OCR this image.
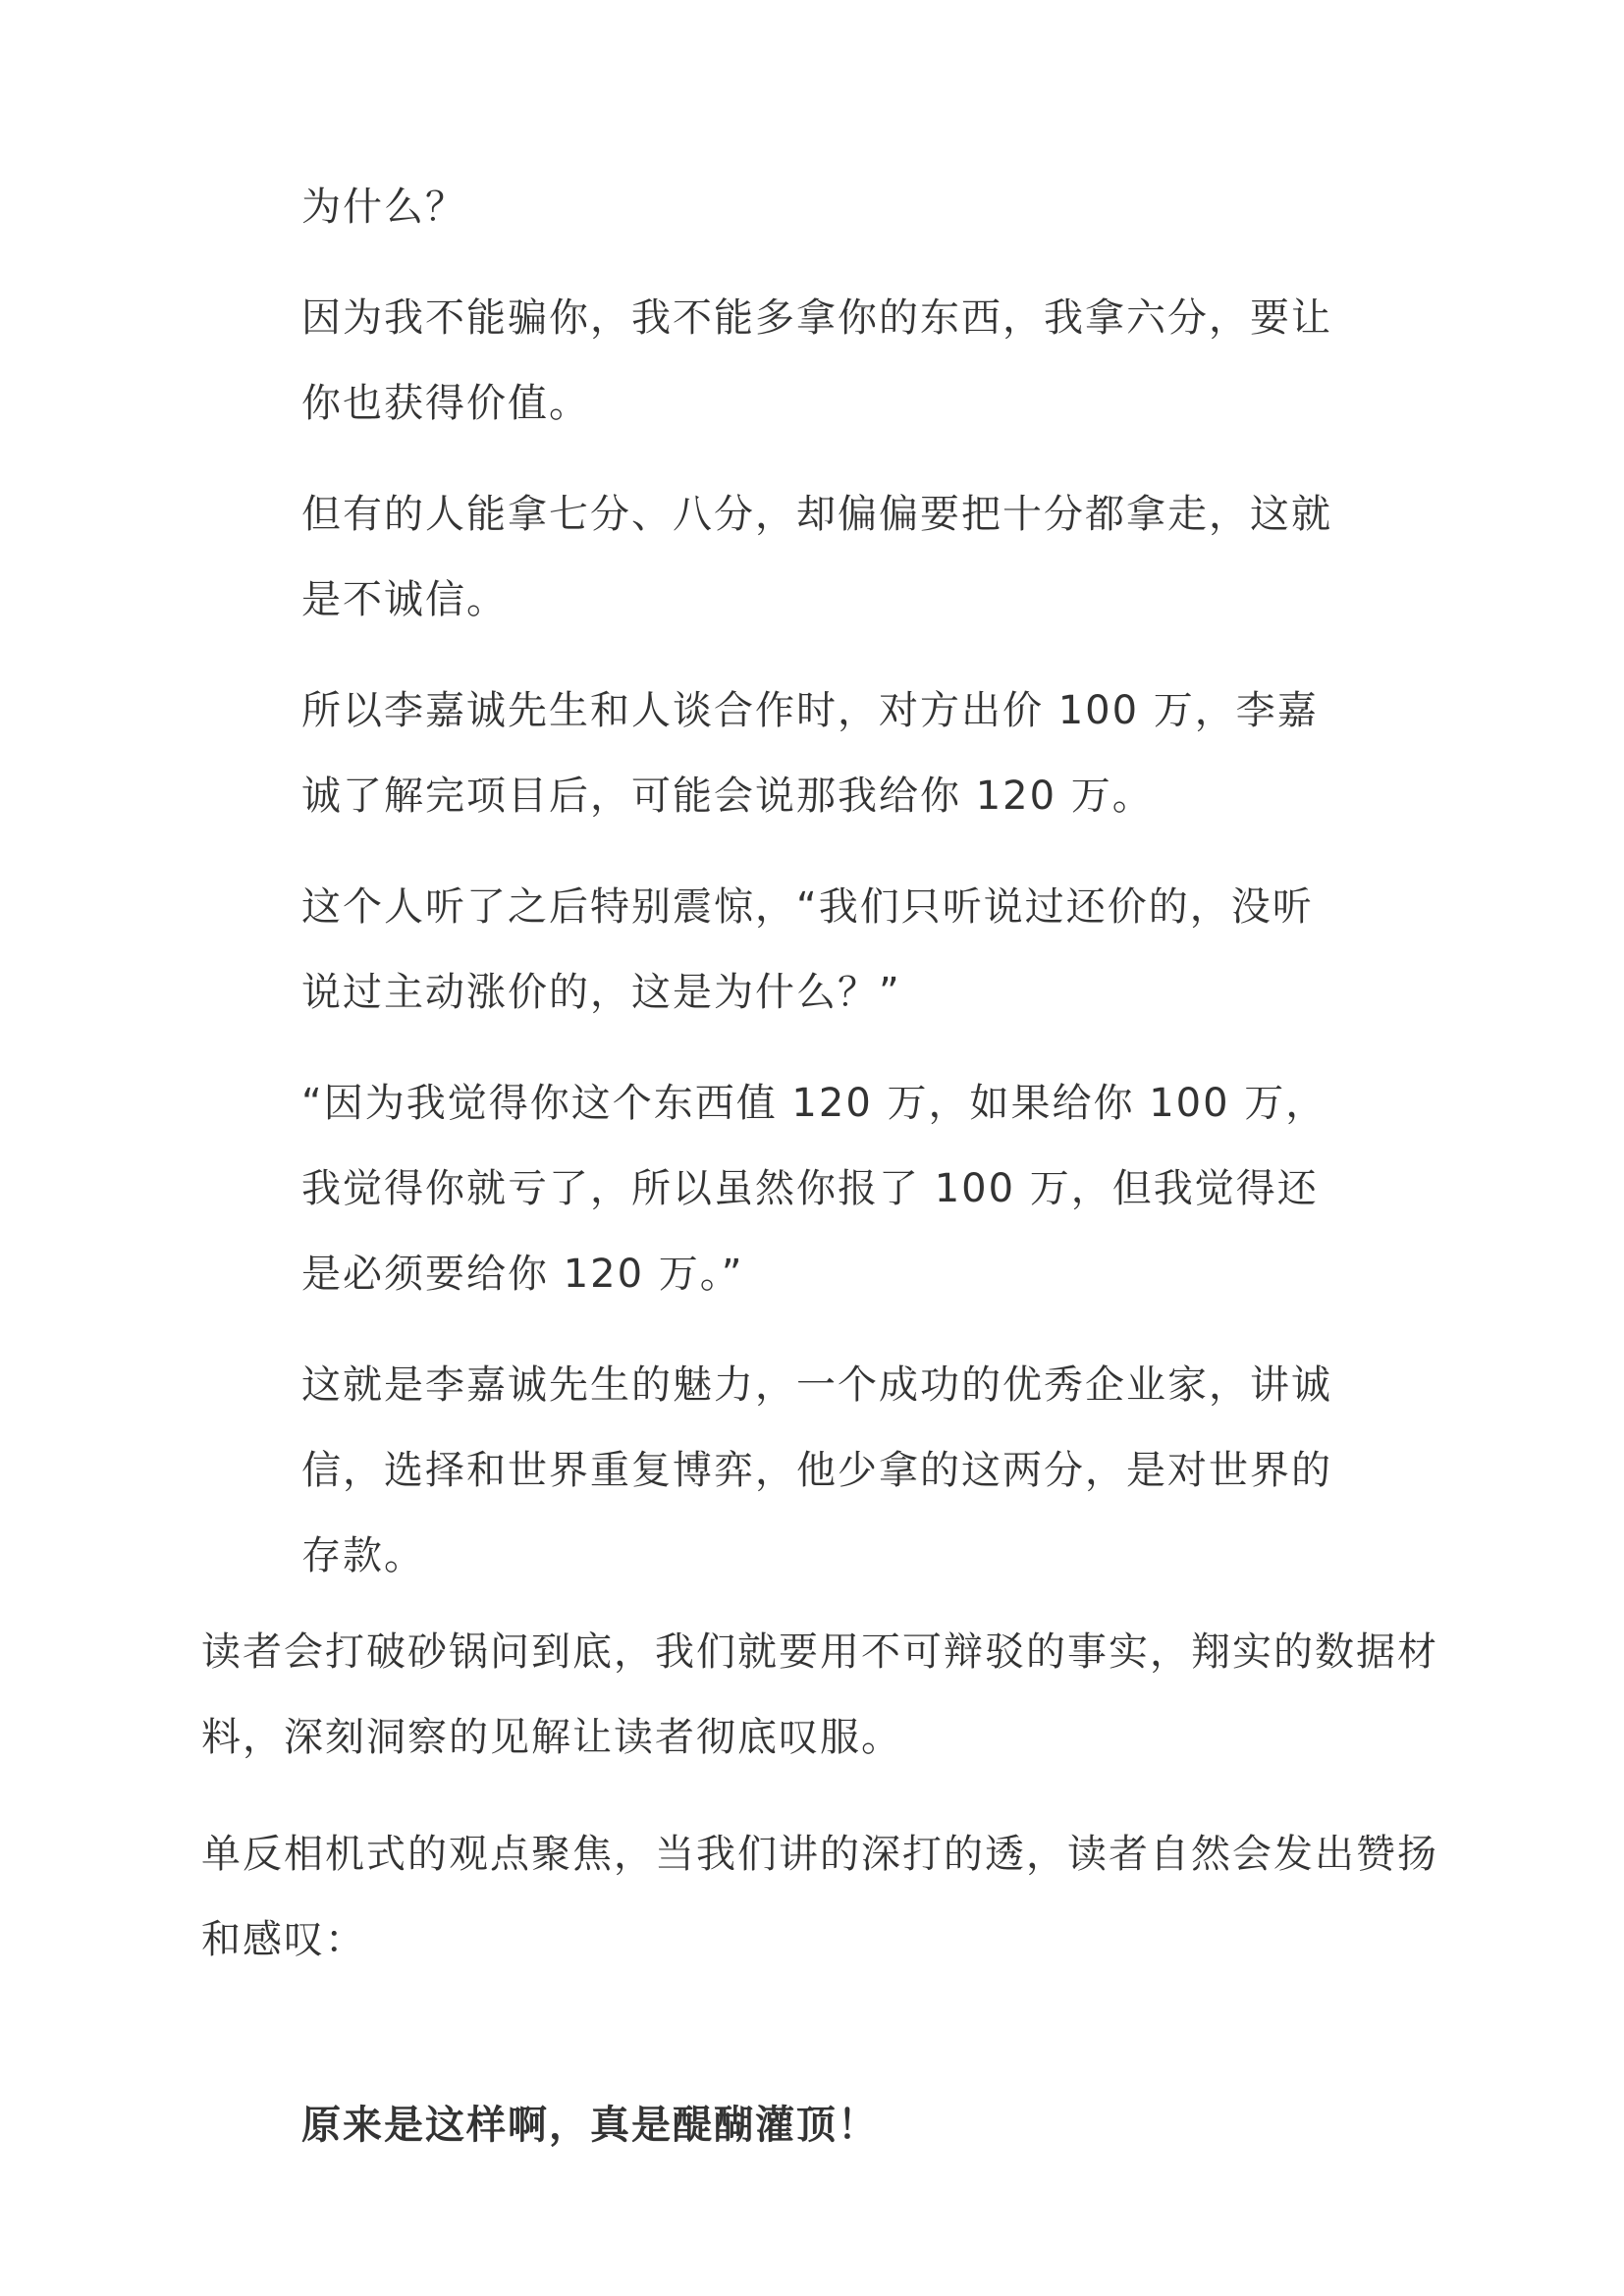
为什么？

因为我不能骗你，我不能多拿你的东西，我拿六分，要让你也获得价值。

但有的人能拿七分、八分，却偏偏要把十分都拿走，这就是不诚信。

所以李嘉诚先生和人谈合作时，对方出价 100 万，李嘉诚了解完项目后，可能会说那我给你 120 万。

这个人听了之后特别震惊，“我们只听说过还价的，没听说过主动涨价的，这是为什么？”

“因为我觉得你这个东西值 120 万，如果给你 100 万，我觉得你就亏了，所以虽然你报了 100 万，但我觉得还是必须要给你 120 万。”

这就是李嘉诚先生的魅力，一个成功的优秀企业家，讲诚信，选择和世界重复博弈，他少拿的这两分，是对世界的存款。

读者会打破砂锅问到底，我们就要用不可辩驳的事实，翔实的数据材料，深刻洞察的见解让读者彻底叹服。

单反相机式的观点聚焦，当我们讲的深打的透，读者自然会发出赞扬和感叹：

原来是这样啊，真是醍醐灌顶！
